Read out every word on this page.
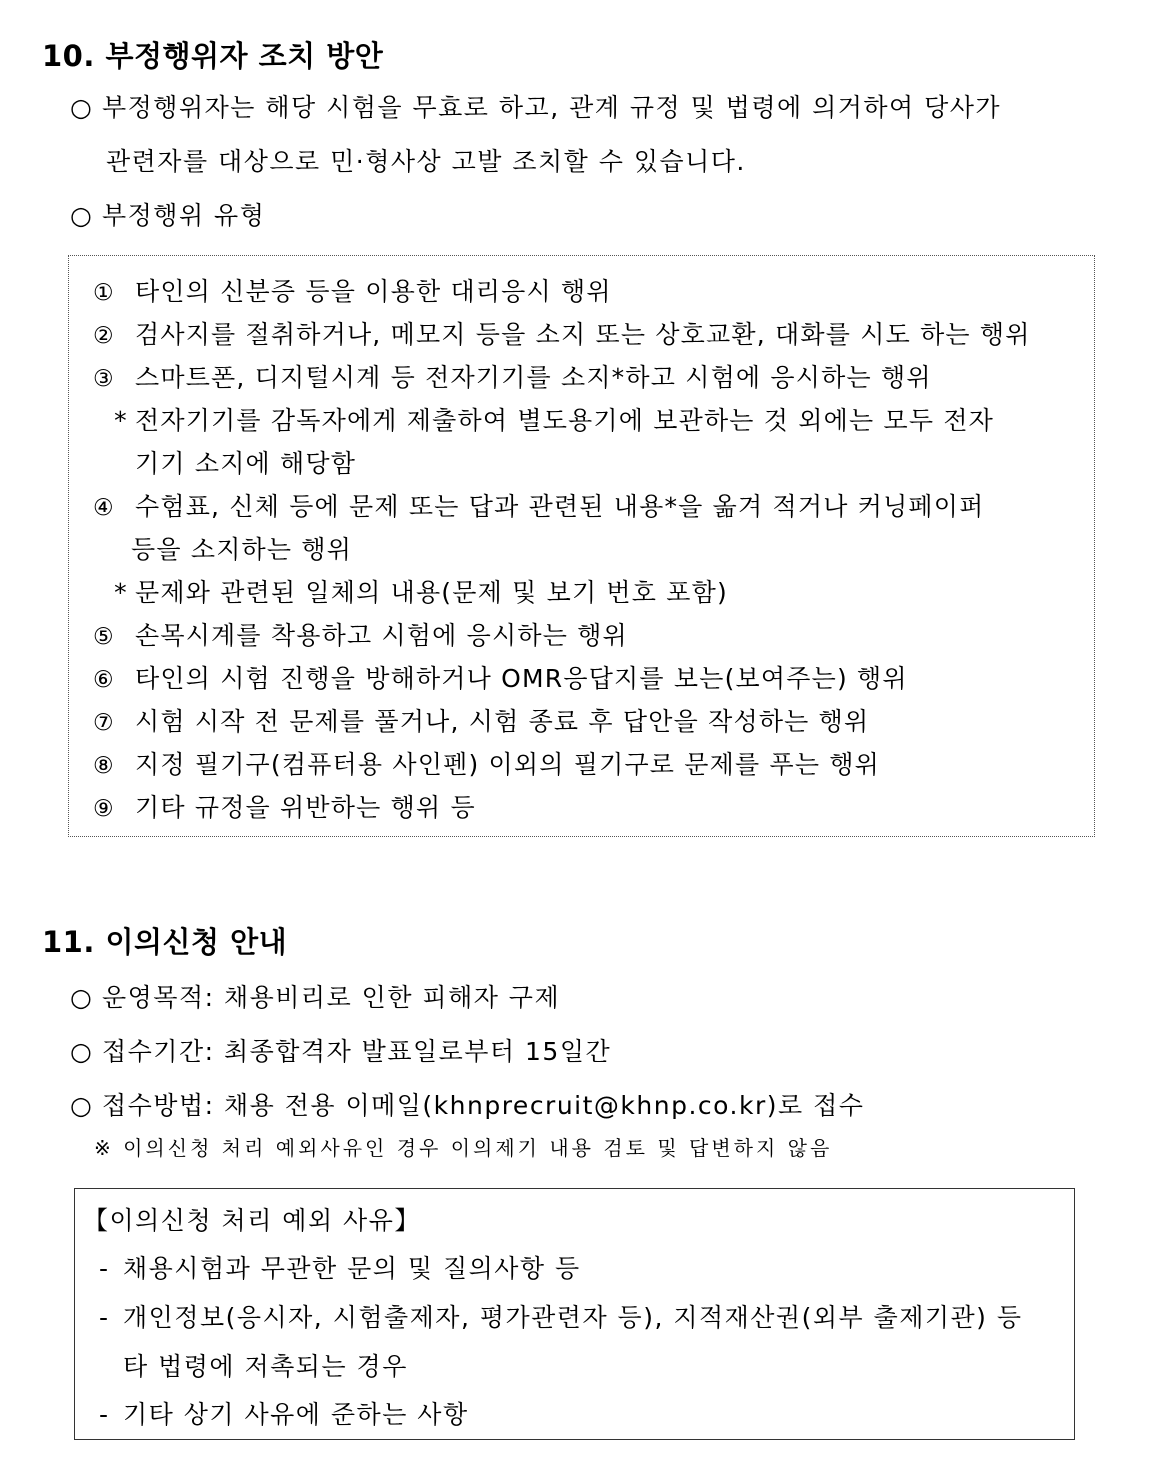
10. 부정행위자 조치 방안
○ 부정행위자는 해당 시험을 무효로 하고, 관계 규정 및 법령에 의거하여 당사가
관련자를 대상으로 민·형사상 고발 조치할 수 있습니다.
○ 부정행위 유형
① 타인의 신분증 등을 이용한 대리응시 행위
② 검사지를 절취하거나, 메모지 등을 소지 또는 상호교환, 대화를 시도 하는 행위
③ 스마트폰, 디지털시계 등 전자기기를 소지*하고 시험에 응시하는 행위
* 전자기기를 감독자에게 제출하여 별도용기에 보관하는 것 외에는 모두 전자
기기 소지에 해당함
④ 수험표, 신체 등에 문제 또는 답과 관련된 내용*을 옮겨 적거나 커닝페이퍼
등을 소지하는 행위
* 문제와 관련된 일체의 내용(문제 및 보기 번호 포함)
⑤ 손목시계를 착용하고 시험에 응시하는 행위
⑥ 타인의 시험 진행을 방해하거나 OMR응답지를 보는(보여주는) 행위
⑦ 시험 시작 전 문제를 풀거나, 시험 종료 후 답안을 작성하는 행위
⑧ 지정 필기구(컴퓨터용 사인펜) 이외의 필기구로 문제를 푸는 행위
⑨ 기타 규정을 위반하는 행위 등
11. 이의신청 안내
○ 운영목적: 채용비리로 인한 피해자 구제
○ 접수기간: 최종합격자 발표일로부터 15일간
○ 접수방법: 채용 전용 이메일(khnprecruit@khnp.co.kr)로 접수
※ 이의신청 처리 예외사유인 경우 이의제기 내용 검토 및 답변하지 않음
【이의신청 처리 예외 사유】
- 채용시험과 무관한 문의 및 질의사항 등
- 개인정보(응시자, 시험출제자, 평가관련자 등), 지적재산권(외부 출제기관) 등
타 법령에 저촉되는 경우
- 기타 상기 사유에 준하는 사항
